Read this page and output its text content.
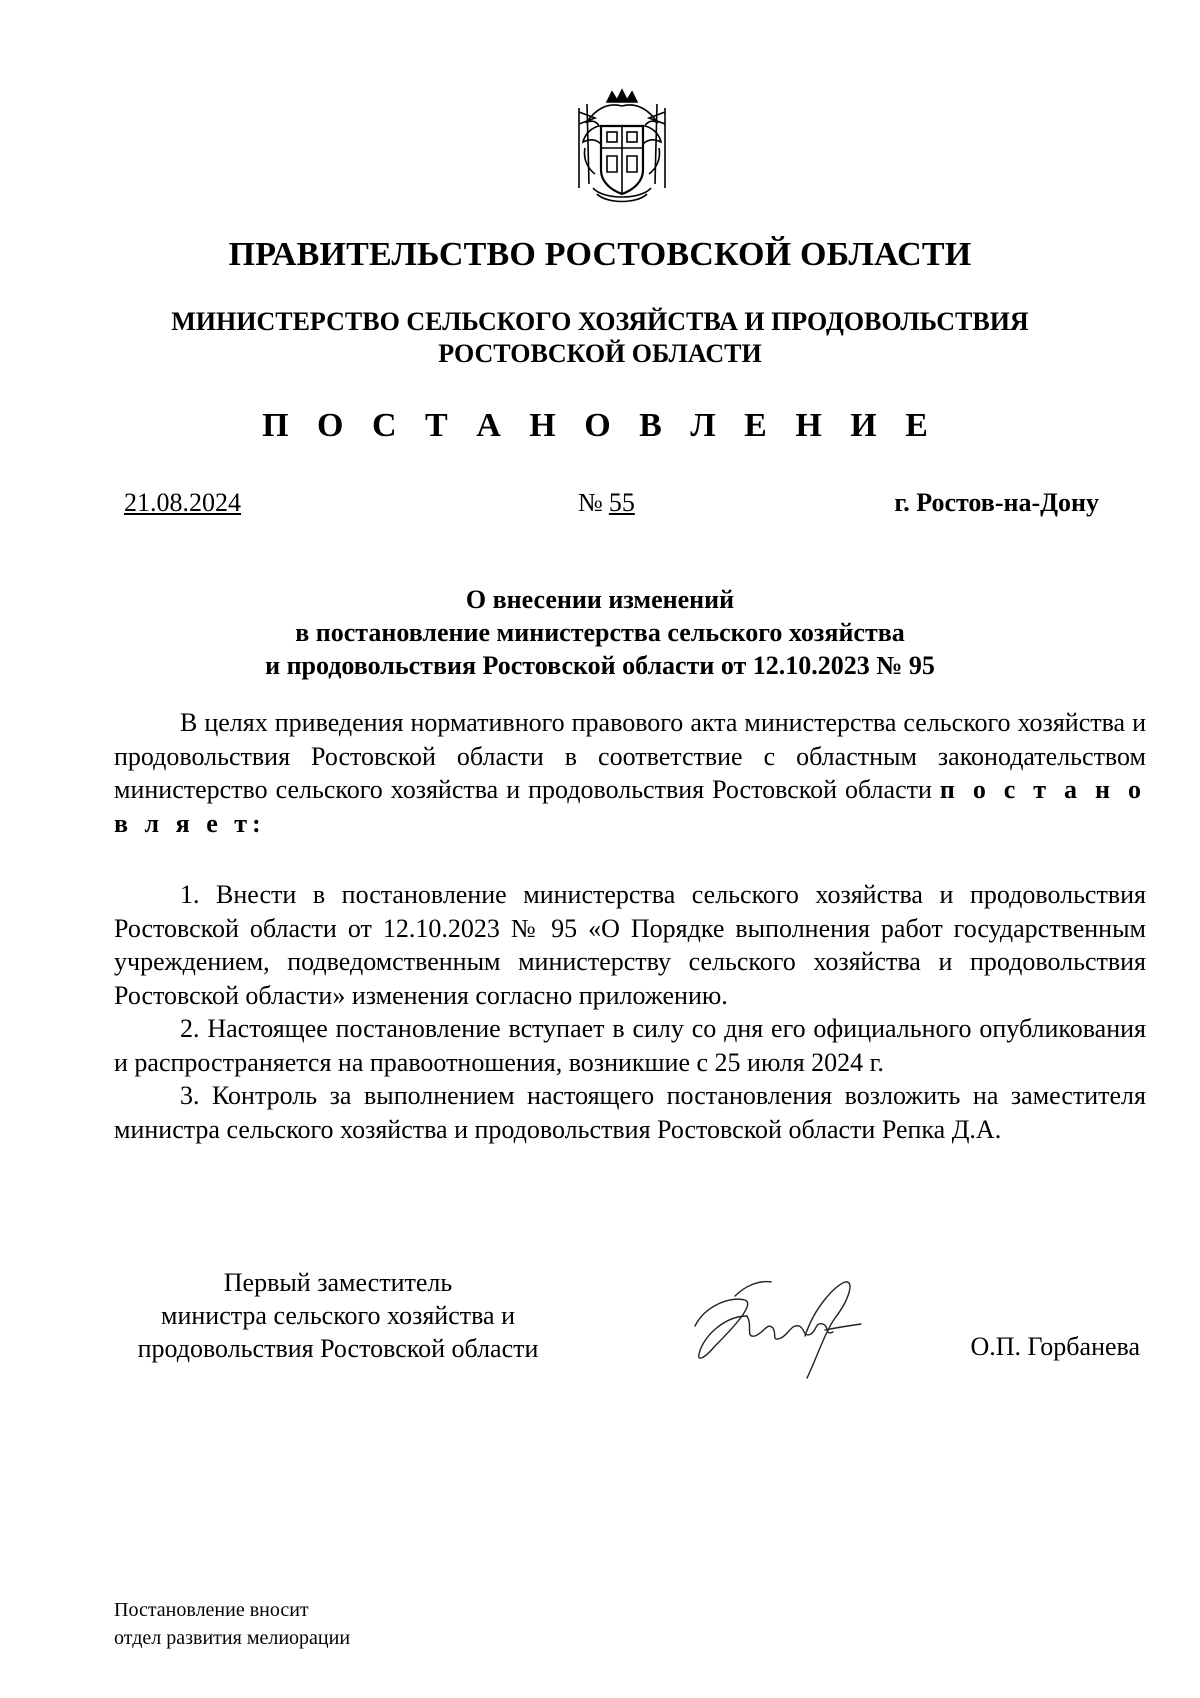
ПРАВИТЕЛЬСТВО РОСТОВСКОЙ ОБЛАСТИ
МИНИСТЕРСТВО СЕЛЬСКОГО ХОЗЯЙСТВА И ПРОДОВОЛЬСТВИЯ
РОСТОВСКОЙ ОБЛАСТИ
П О С Т А Н О В Л Е Н И Е
21.08.2024	№ 55	г. Ростов-на-Дону
О внесении изменений
в постановление министерства сельского хозяйства
и продовольствия Ростовской области от 12.10.2023 № 95

В целях приведения нормативного правового акта министерства сельского хозяйства и продовольствия Ростовской области в соответствие с областным законодательством министерство сельского хозяйства и продовольствия Ростовской области п о с т а н о в л я е т:

1. Внести в постановление министерства сельского хозяйства и продовольствия Ростовской области от 12.10.2023 № 95 «О Порядке выполнения работ государственным учреждением, подведомственным министерству сельского хозяйства и продовольствия Ростовской области» изменения согласно приложению.

2. Настоящее постановление вступает в силу со дня его официального опубликования и распространяется на правоотношения, возникшие с 25 июля 2024 г.

3. Контроль за выполнением настоящего постановления возложить на заместителя министра сельского хозяйства и продовольствия Ростовской области Репка Д.А.

Первый заместитель
министра сельского хозяйства и
продовольствия Ростовской области	О.П. Горбанева
Постановление вносит
отдел развития мелиорации
